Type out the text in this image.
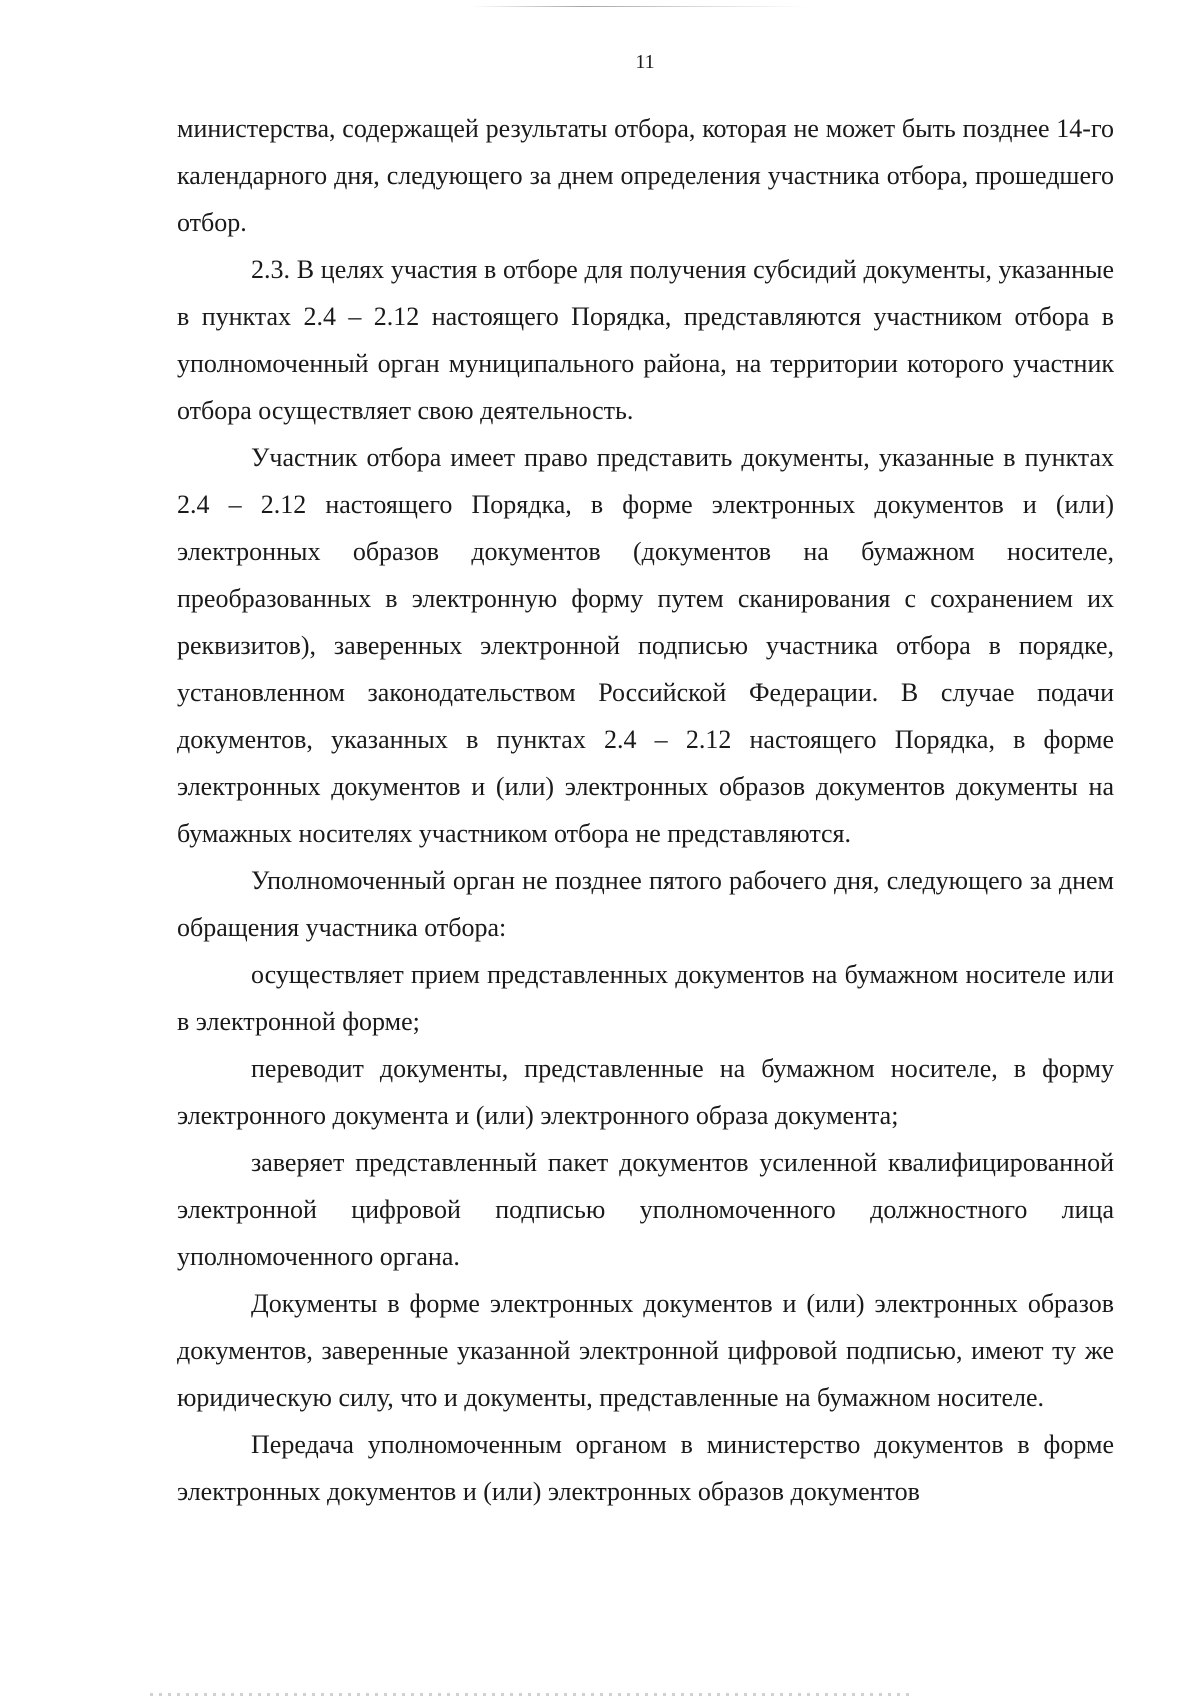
11

министерства, содержащей результаты отбора, которая не может быть позднее 14-го календарного дня, следующего за днем определения участника отбора, прошедшего отбор.

2.3. В целях участия в отборе для получения субсидий документы, указанные в пунктах 2.4 – 2.12 настоящего Порядка, представляются участником отбора в уполномоченный орган муниципального района, на территории которого участник отбора осуществляет свою деятельность.

Участник отбора имеет право представить документы, указанные в пунктах 2.4 – 2.12 настоящего Порядка, в форме электронных документов и (или) электронных образов документов (документов на бумажном носителе, преобразованных в электронную форму путем сканирования с сохранением их реквизитов), заверенных электронной подписью участника отбора в порядке, установленном законодательством Российской Федерации. В случае подачи документов, указанных в пунктах 2.4 – 2.12 настоящего Порядка, в форме электронных документов и (или) электронных образов документов документы на бумажных носителях участником отбора не представляются.

Уполномоченный орган не позднее пятого рабочего дня, следующего за днем обращения участника отбора:

осуществляет прием представленных документов на бумажном носителе или в электронной форме;

переводит документы, представленные на бумажном носителе, в форму электронного документа и (или) электронного образа документа;

заверяет представленный пакет документов усиленной квалифицированной электронной цифровой подписью уполномоченного должностного лица уполномоченного органа.

Документы в форме электронных документов и (или) электронных образов документов, заверенные указанной электронной цифровой подписью, имеют ту же юридическую силу, что и документы, представленные на бумажном носителе.

Передача уполномоченным органом в министерство документов в форме электронных документов и (или) электронных образов документов
